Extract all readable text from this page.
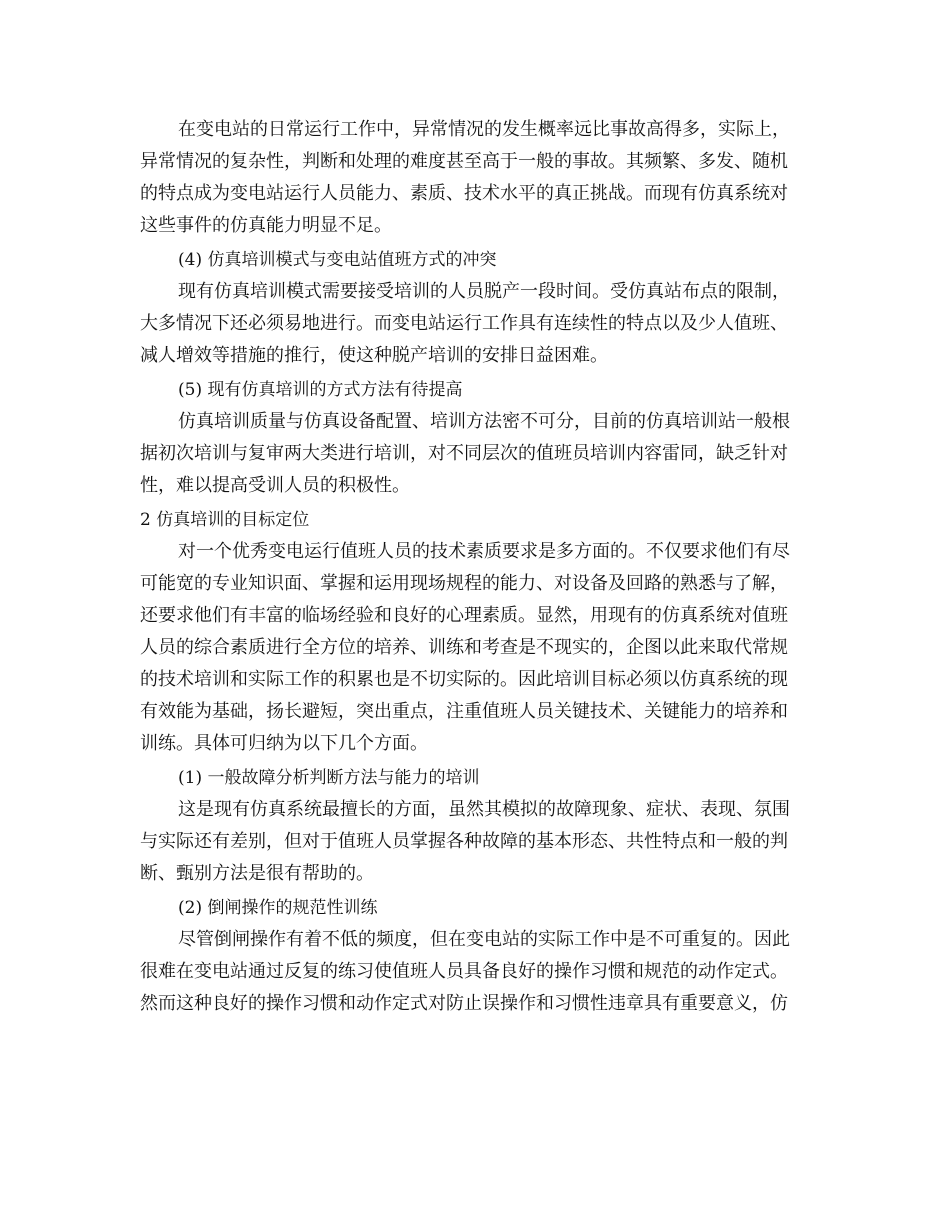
在变电站的日常运行工作中，异常情况的发生概率远比事故高得多，实际上，
异常情况的复杂性，判断和处理的难度甚至高于一般的事故。其频繁、多发、随机
的特点成为变电站运行人员能力、素质、技术水平的真正挑战。而现有仿真系统对
这些事件的仿真能力明显不足。
(4) 仿真培训模式与变电站值班方式的冲突
现有仿真培训模式需要接受培训的人员脱产一段时间。受仿真站布点的限制，
大多情况下还必须易地进行。而变电站运行工作具有连续性的特点以及少人值班、
减人增效等措施的推行，使这种脱产培训的安排日益困难。
(5) 现有仿真培训的方式方法有待提高
仿真培训质量与仿真设备配置、培训方法密不可分，目前的仿真培训站一般根
据初次培训与复审两大类进行培训，对不同层次的值班员培训内容雷同，缺乏针对
性，难以提高受训人员的积极性。
2 仿真培训的目标定位
对一个优秀变电运行值班人员的技术素质要求是多方面的。不仅要求他们有尽
可能宽的专业知识面、掌握和运用现场规程的能力、对设备及回路的熟悉与了解，
还要求他们有丰富的临场经验和良好的心理素质。显然，用现有的仿真系统对值班
人员的综合素质进行全方位的培养、训练和考查是不现实的，企图以此来取代常规
的技术培训和实际工作的积累也是不切实际的。因此培训目标必须以仿真系统的现
有效能为基础，扬长避短，突出重点，注重值班人员关键技术、关键能力的培养和
训练。具体可归纳为以下几个方面。
(1) 一般故障分析判断方法与能力的培训
这是现有仿真系统最擅长的方面，虽然其模拟的故障现象、症状、表现、氛围
与实际还有差别，但对于值班人员掌握各种故障的基本形态、共性特点和一般的判
断、甄别方法是很有帮助的。
(2) 倒闸操作的规范性训练
尽管倒闸操作有着不低的频度，但在变电站的实际工作中是不可重复的。因此
很难在变电站通过反复的练习使值班人员具备良好的操作习惯和规范的动作定式。
然而这种良好的操作习惯和动作定式对防止误操作和习惯性违章具有重要意义，仿
